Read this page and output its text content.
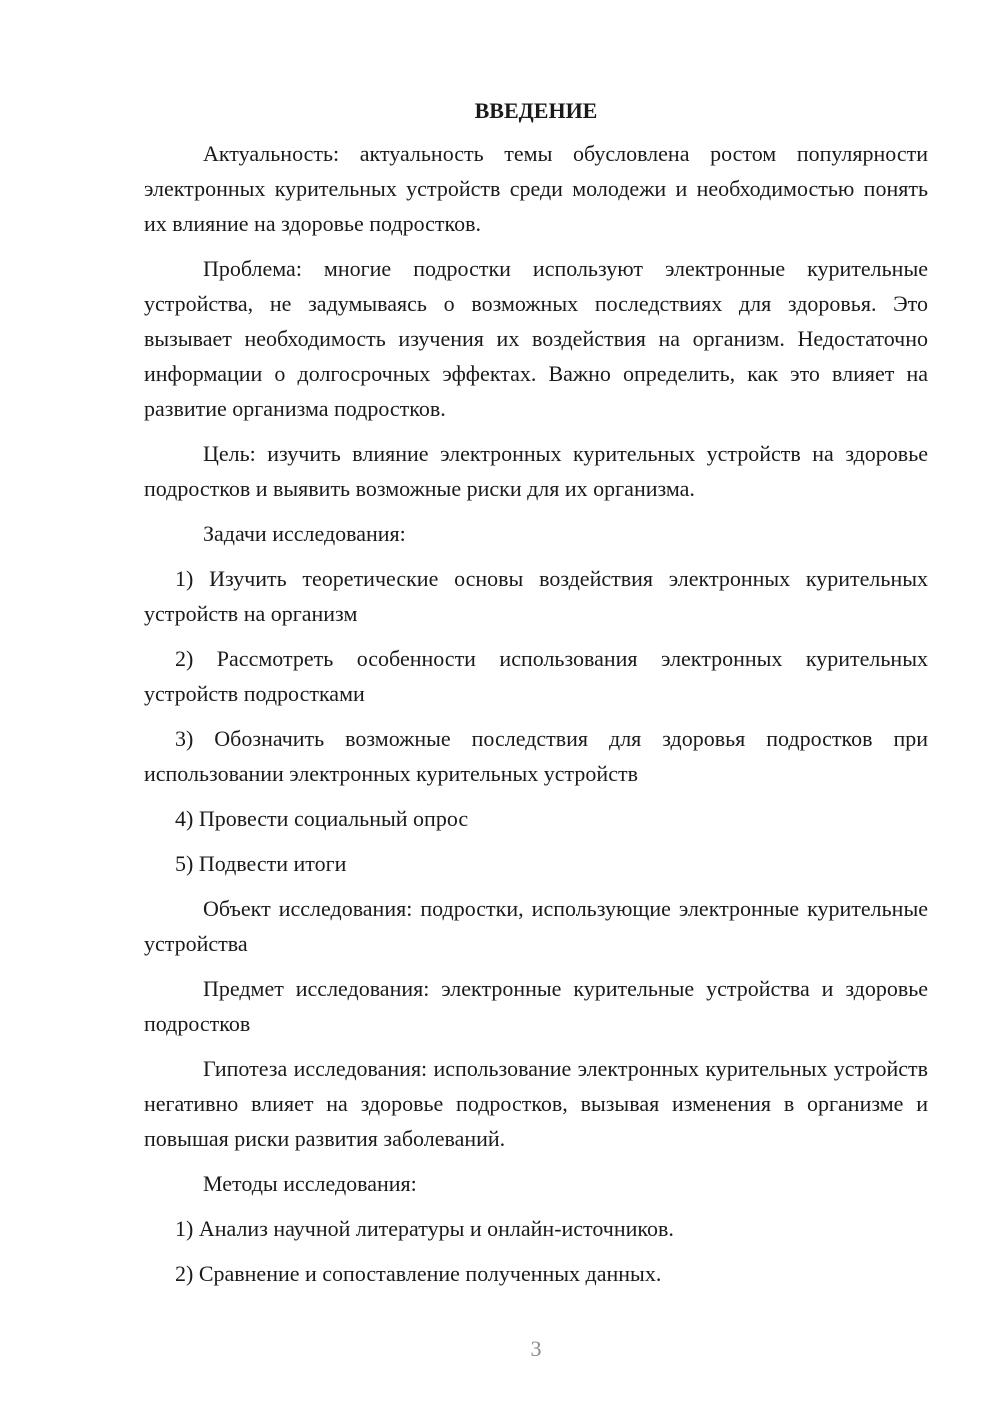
ВВЕДЕНИЕ

Актуальность: актуальность темы обусловлена ростом популярности электронных курительных устройств среди молодежи и необходимостью понять их влияние на здоровье подростков.

Проблема: многие подростки используют электронные курительные устройства, не задумываясь о возможных последствиях для здоровья. Это вызывает необходимость изучения их воздействия на организм. Недостаточно информации о долгосрочных эффектах. Важно определить, как это влияет на развитие организма подростков.

Цель: изучить влияние электронных курительных устройств на здоровье подростков и выявить возможные риски для их организма.

Задачи исследования:

1) Изучить теоретические основы воздействия электронных курительных устройств на организм

2) Рассмотреть особенности использования электронных курительных устройств подростками

3) Обозначить возможные последствия для здоровья подростков при использовании электронных курительных устройств

4) Провести социальный опрос

5) Подвести итоги

Объект исследования: подростки, использующие электронные курительные устройства

Предмет исследования: электронные курительные устройства и здоровье подростков

Гипотеза исследования: использование электронных курительных устройств негативно влияет на здоровье подростков, вызывая изменения в организме и повышая риски развития заболеваний.

Методы исследования:

1) Анализ научной литературы и онлайн-источников.

2) Сравнение и сопоставление полученных данных.

3
